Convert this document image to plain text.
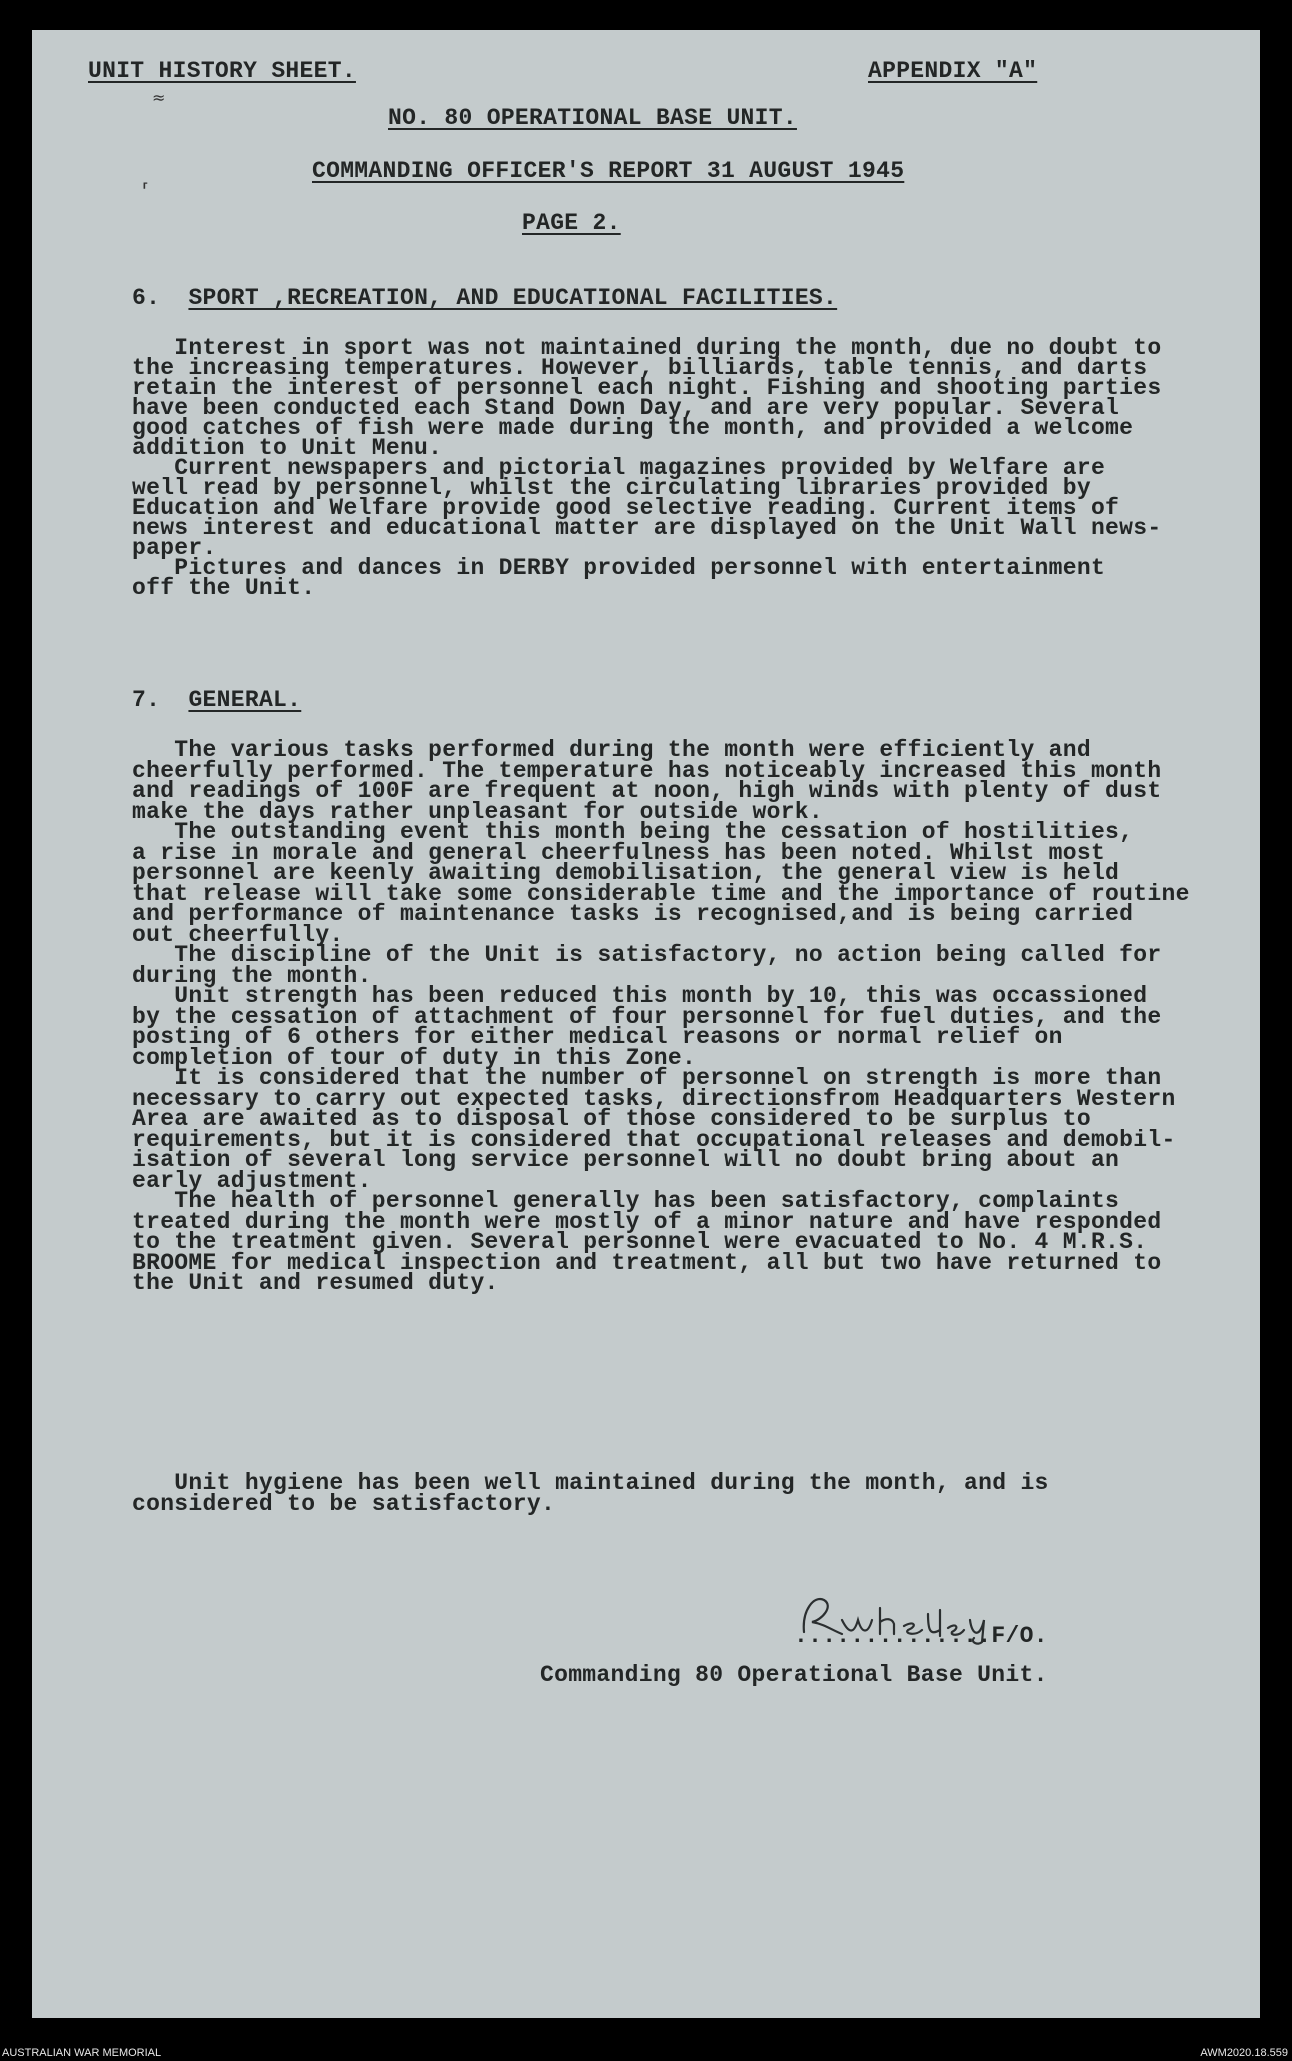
≈
⸢

UNIT HISTORY SHEET.	APPENDIX "A"

NO. 80 OPERATIONAL BASE UNIT.

COMMANDING OFFICER'S REPORT 31 AUGUST 1945

PAGE 2.

6. SPORT ,RECREATION, AND EDUCATIONAL FACILITIES.

Interest in sport was not maintained during the month, due no doubt to

the increasing temperatures. However, billiards, table tennis, and darts

retain the interest of personnel each night. Fishing and shooting parties

have been conducted each Stand Down Day, and are very popular. Several

good catches of fish were made during the month, and provided a welcome

addition to Unit Menu.

Current newspapers and pictorial magazines provided by Welfare are

well read by personnel, whilst the circulating libraries provided by

Education and Welfare provide good selective reading. Current items of

news interest and educational matter are displayed on the Unit Wall news-

paper.

Pictures and dances in DERBY provided personnel with entertainment

off the Unit.

7. GENERAL.

The various tasks performed during the month were efficiently and

cheerfully performed. The temperature has noticeably increased this month

and readings of 100F are frequent at noon, high winds with plenty of dust

make the days rather unpleasant for outside work.

The outstanding event this month being the cessation of hostilities,

a rise in morale and general cheerfulness has been noted. Whilst most

personnel are keenly awaiting demobilisation, the general view is held

that release will take some considerable time and the importance of routine

and performance of maintenance tasks is recognised,and is being carried

out cheerfully.

The discipline of the Unit is satisfactory, no action being called for

during the month.

Unit strength has been reduced this month by 10, this was occassioned

by the cessation of attachment of four personnel for fuel duties, and the

posting of 6 others for either medical reasons or normal relief on

completion of tour of duty in this Zone.

It is considered that the number of personnel on strength is more than

necessary to carry out expected tasks, directionsfrom Headquarters Western

Area are awaited as to disposal of those considered to be surplus to

requirements, but it is considered that occupational releases and demobil-

isation of several long service personnel will no doubt bring about an

early adjustment.

The health of personnel generally has been satisfactory, complaints

treated during the month were mostly of a minor nature and have responded

to the treatment given. Several personnel were evacuated to No. 4 M.R.S.

BROOME for medical inspection and treatment, all but two have returned to

the Unit and resumed duty.

Unit hygiene has been well maintained during the month, and is

considered to be satisfactory.

..............F/O.

Commanding 80 Operational Base Unit.

AUSTRALIAN WAR MEMORIAL	AWM2020.18.559
